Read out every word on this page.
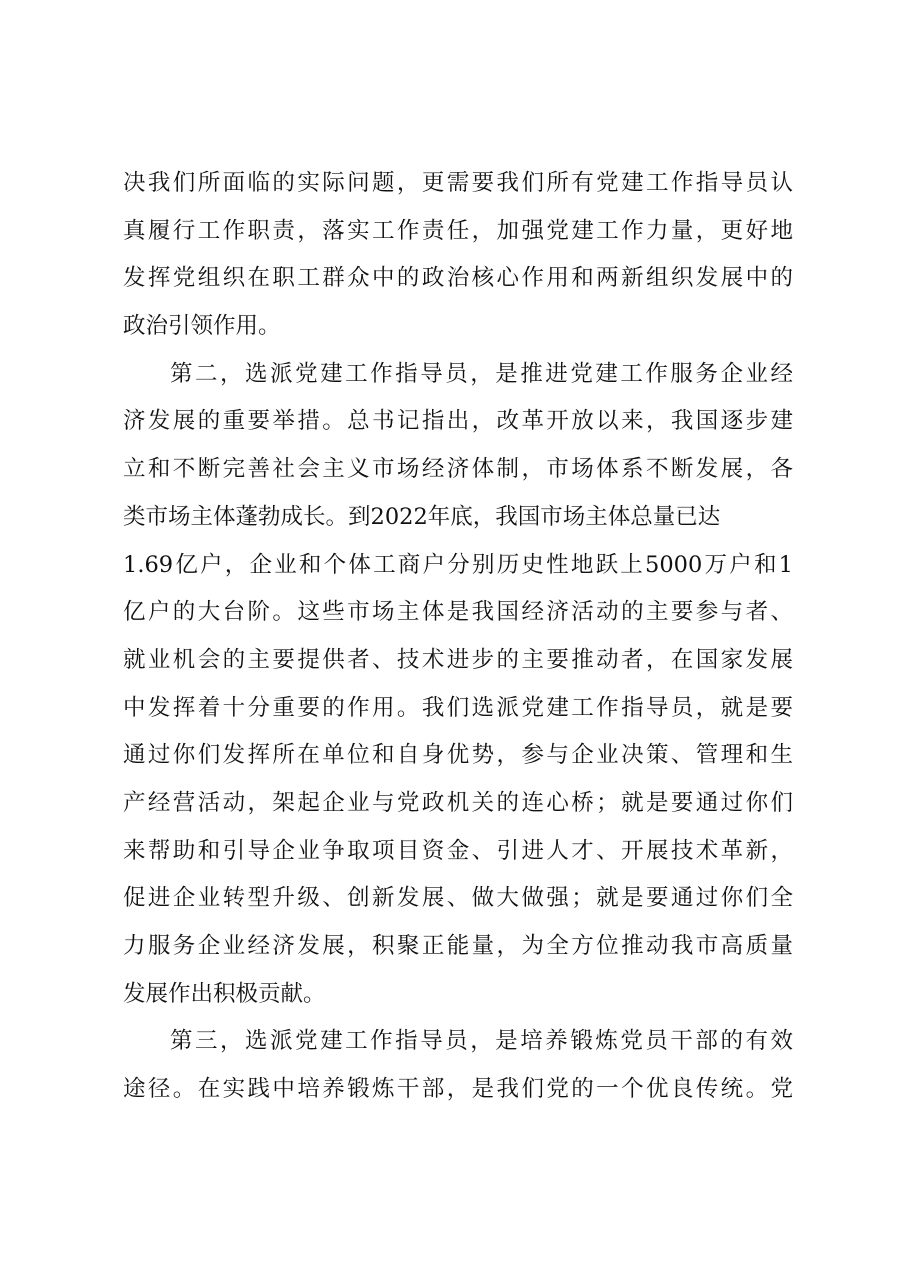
决我们所面临的实际问题，更需要我们所有党建工作指导员认
真履行工作职责，落实工作责任，加强党建工作力量，更好地
发挥党组织在职工群众中的政治核心作用和两新组织发展中的
政治引领作用。
第二，选派党建工作指导员，是推进党建工作服务企业经
济发展的重要举措。总书记指出，改革开放以来，我国逐步建
立和不断完善社会主义市场经济体制，市场体系不断发展，各
类市场主体蓬勃成长。到2022年底，我国市场主体总量已达
1.69亿户，企业和个体工商户分别历史性地跃上5000万户和1
亿户的大台阶。这些市场主体是我国经济活动的主要参与者、
就业机会的主要提供者、技术进步的主要推动者，在国家发展
中发挥着十分重要的作用。我们选派党建工作指导员，就是要
通过你们发挥所在单位和自身优势，参与企业决策、管理和生
产经营活动，架起企业与党政机关的连心桥；就是要通过你们
来帮助和引导企业争取项目资金、引进人才、开展技术革新，
促进企业转型升级、创新发展、做大做强；就是要通过你们全
力服务企业经济发展，积聚正能量，为全方位推动我市高质量
发展作出积极贡献。
第三，选派党建工作指导员，是培养锻炼党员干部的有效
途径。在实践中培养锻炼干部，是我们党的一个优良传统。党
